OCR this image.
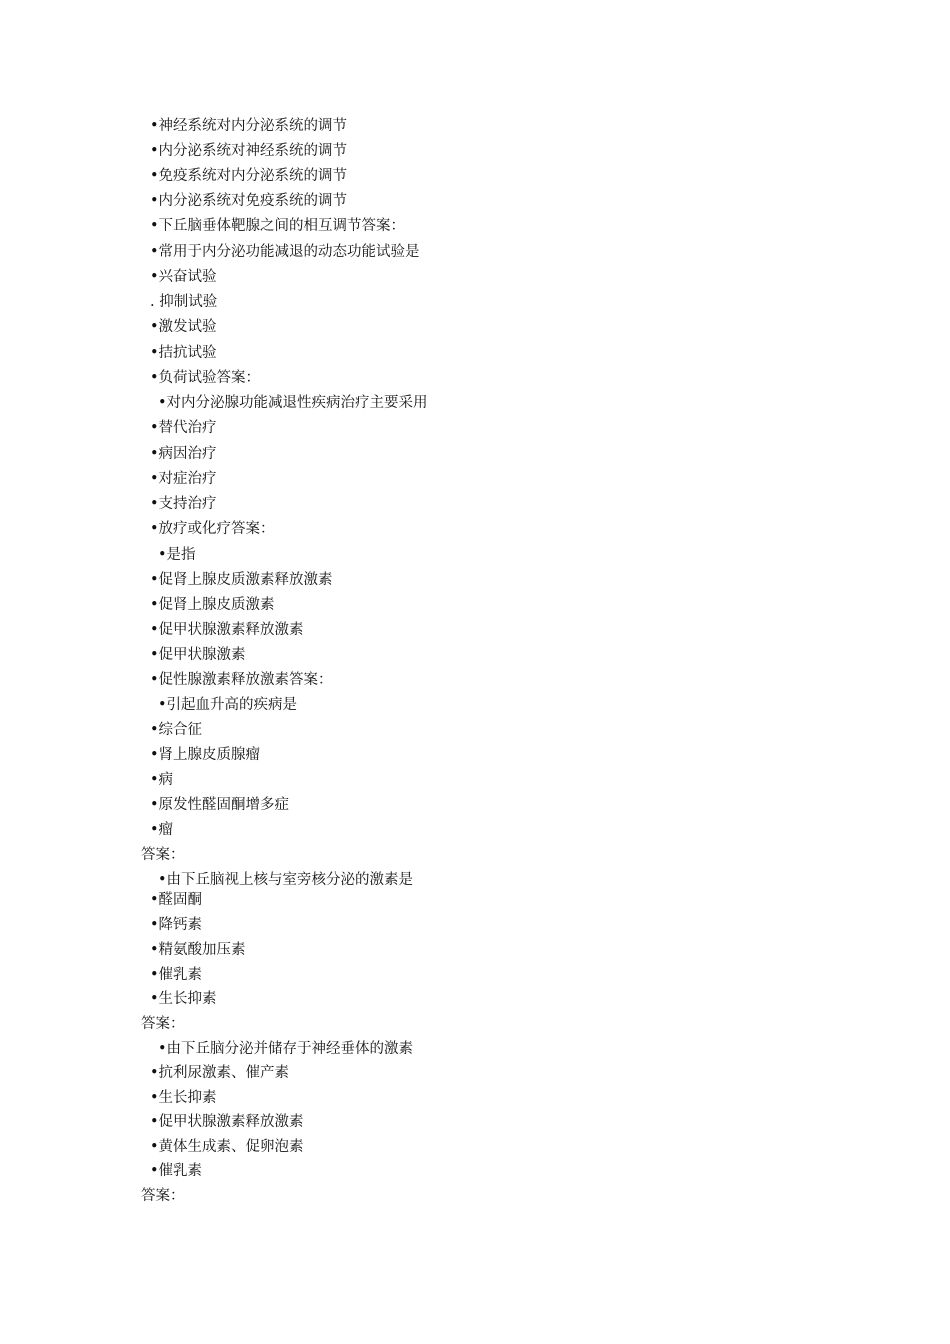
•神经系统对内分泌系统的调节
•内分泌系统对神经系统的调节
•免疫系统对内分泌系统的调节
•内分泌系统对免疫系统的调节
•下丘脑垂体靶腺之间的相互调节答案：
•常用于内分泌功能减退的动态功能试验是
•兴奋试验
. 抑制试验
•激发试验
•拮抗试验
•负荷试验答案：
•对内分泌腺功能减退性疾病治疗主要采用
•替代治疗
•病因治疗
•对症治疗
•支持治疗
•放疗或化疗答案：
•是指
•促肾上腺皮质激素释放激素
•促肾上腺皮质激素
•促甲状腺激素释放激素
•促甲状腺激素
•促性腺激素释放激素答案：
•引起血升高的疾病是
•综合征
•肾上腺皮质腺瘤
•病
•原发性醛固酮增多症
•瘤
答案：
•由下丘脑视上核与室旁核分泌的激素是
•醛固酮
•降钙素
•精氨酸加压素
•催乳素
•生长抑素
答案：
•由下丘脑分泌并储存于神经垂体的激素
•抗利尿激素、催产素
•生长抑素
•促甲状腺激素释放激素
•黄体生成素、促卵泡素
•催乳素
答案：
